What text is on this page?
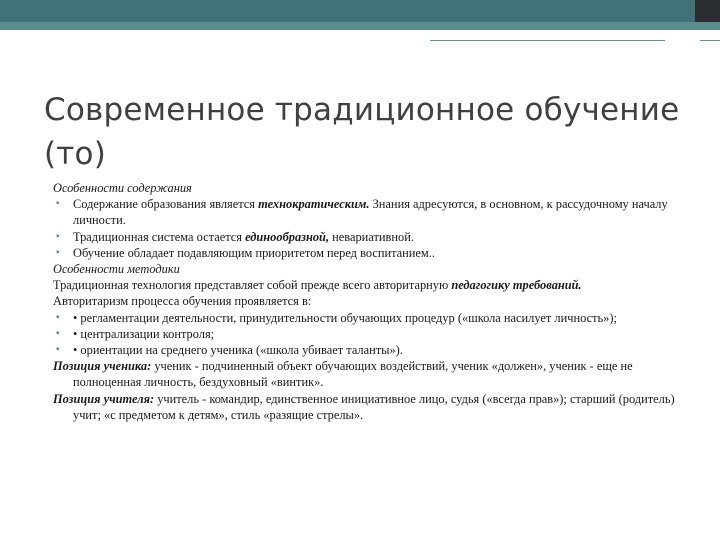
Современное традиционное обучение (то)

Особенности содержания

▪ Содержание образования является технократическим. Знания адресуются, в основном, к рассудочному началу личности.

▪ Традиционная система остается единообразной, невариативной.

▪ Обучение обладает подавляющим приоритетом перед воспитанием..

Особенности методики

Традиционная технология представляет собой прежде всего авторитарную педагогику требований.

Авторитаризм процесса обучения проявляется в:

▪ • регламентации деятельности, принудительности обучающих процедур («школа насилует личность»);

▪ • централизации контроля;

▪ • ориентации на среднего ученика («школа убивает таланты»).

Позиция ученика: ученик - подчиненный объект обучающих воздействий, ученик «должен», ученик - еще не полноценная личность, бездуховный «винтик».

Позиция учителя: учитель - командир, единственное инициативное лицо, судья («всегда прав»); старший (родитель) учит; «с предметом к детям», стиль «разящие стрелы».
